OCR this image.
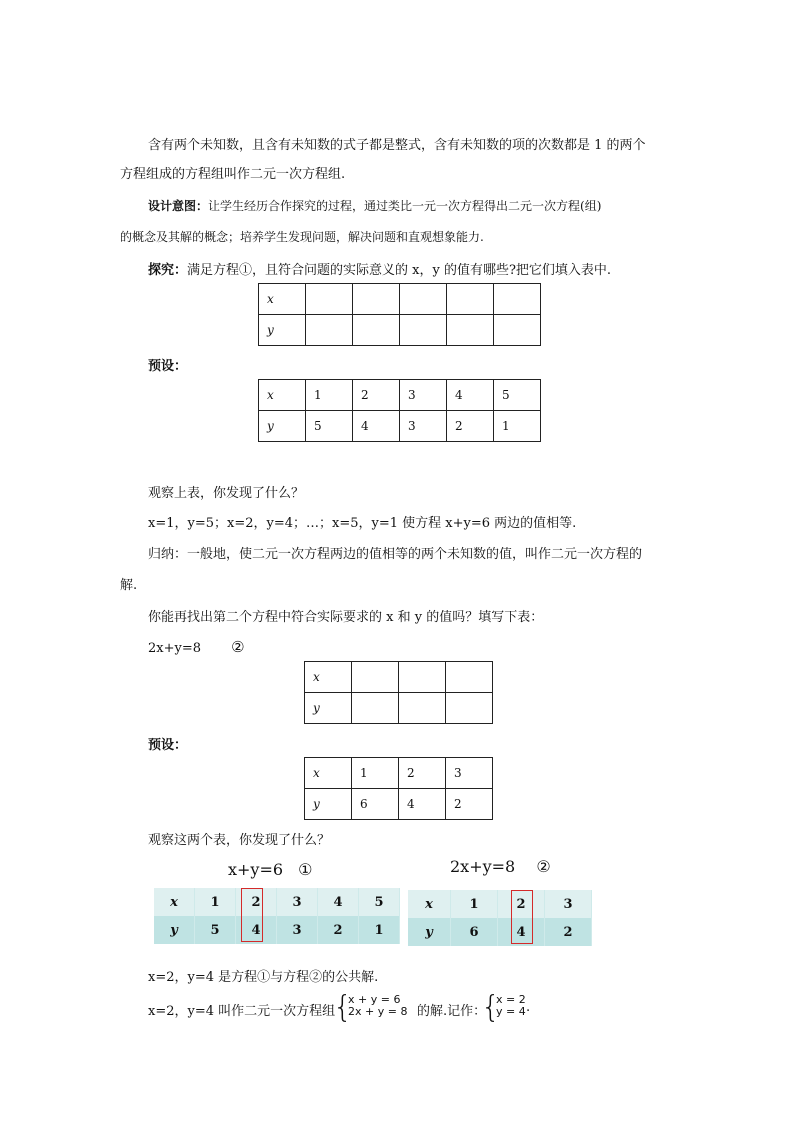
含有两个未知数，且含有未知数的式子都是整式，含有未知数的项的次数都是 1 的两个
方程组成的方程组叫作二元一次方程组.
设计意图：让学生经历合作探究的过程，通过类比一元一次方程得出二元一次方程(组)
的概念及其解的概念；培养学生发现问题，解决问题和直观想象能力.
探究：满足方程①，且符合问题的实际意义的 x，y 的值有哪些?把它们填入表中.
x					
y					
预设：
x	1	2	3	4	5
y	5	4	3	2	1
观察上表，你发现了什么？
x=1，y=5；x=2，y=4；…；x=5，y=1 使方程 x+y=6 两边的值相等.
归纳：一般地，使二元一次方程两边的值相等的两个未知数的值，叫作二元一次方程的
解.
你能再找出第二个方程中符合实际要求的 x 和 y 的值吗？填写下表：
2x+y=8 ②
x			
y			
预设：
x	1	2	3
y	6	4	2
观察这两个表，你发现了什么？
x+y=6 ①
x	1	2	3	4	5
y	5	4	3	2	1
2x+y=8 ②
x	1	2	3
y	6	4	2
x=2，y=4 是方程①与方程②的公共解.
x=2，y=4 叫作二元一次方程组
{
x + y = 6
2x + y = 8 的解.记作：
{
x = 2
y = 4 .
